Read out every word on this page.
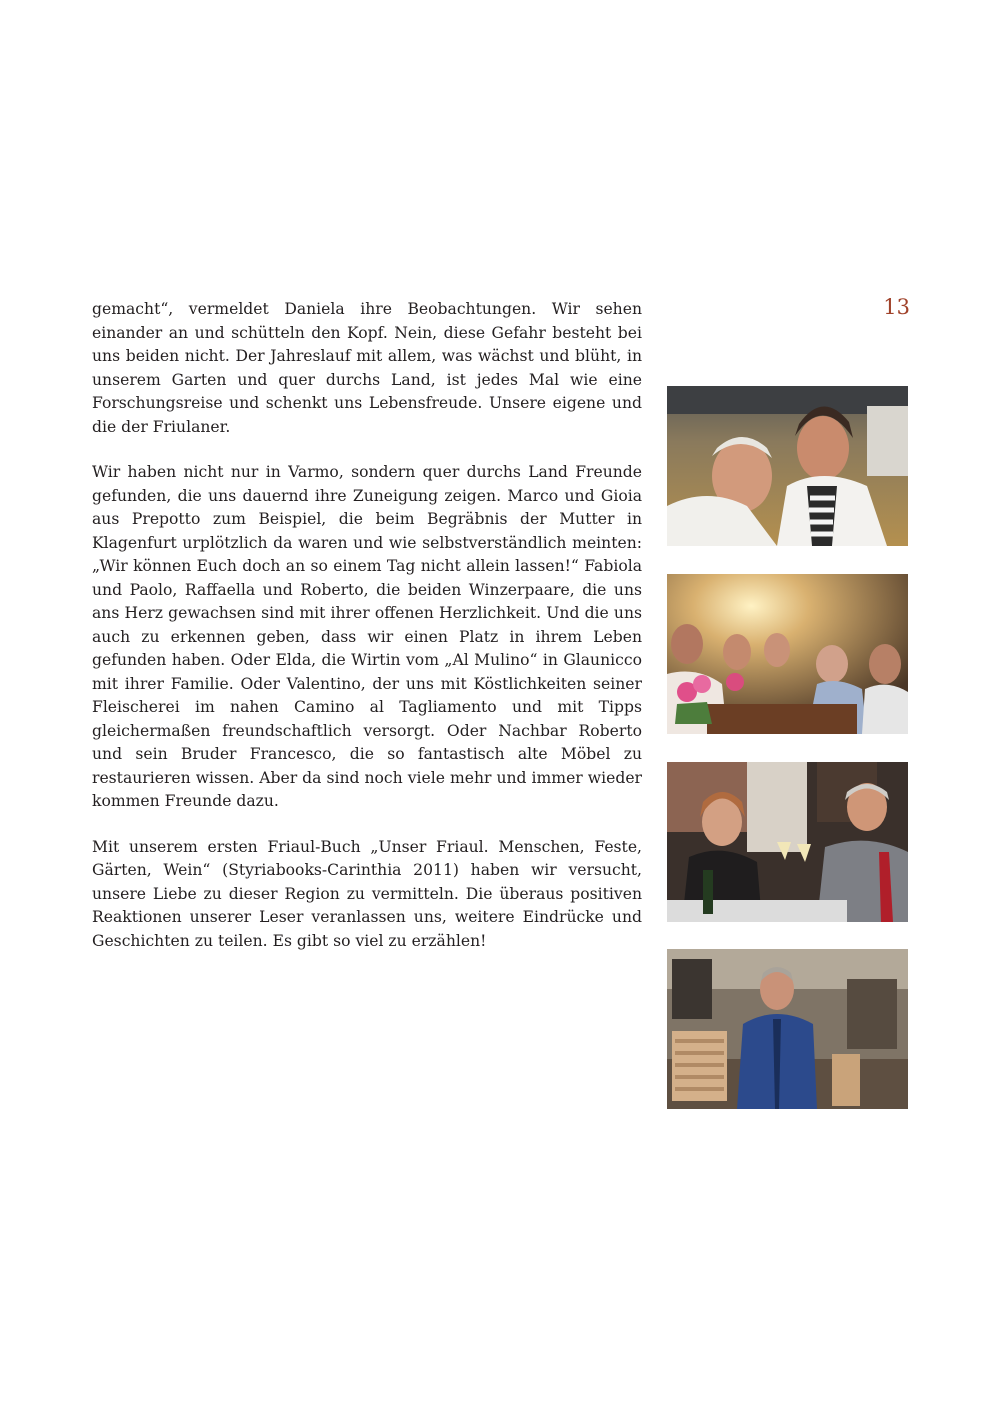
13

gemacht“, vermeldet Daniela ihre Beobachtungen. Wir sehen einander an und schütteln den Kopf. Nein, diese Gefahr besteht bei uns beiden nicht. Der Jahreslauf mit allem, was wächst und blüht, in unserem Garten und quer durchs Land, ist jedes Mal wie eine Forschungsreise und schenkt uns Lebensfreude. Unsere eigene und die der Friulaner.

Wir haben nicht nur in Varmo, sondern quer durchs Land Freunde gefunden, die uns dauernd ihre Zuneigung zeigen. Marco und Gioia aus Prepotto zum Beispiel, die beim Begräbnis der Mutter in Klagenfurt urplötzlich da waren und wie selbstverständlich meinten: „Wir können Euch doch an so einem Tag nicht allein lassen!“ Fabiola und Paolo, Raffaella und Roberto, die beiden Winzerpaare, die uns ans Herz gewachsen sind mit ihrer offenen Herzlichkeit. Und die uns auch zu erkennen geben, dass wir einen Platz in ihrem Leben gefunden haben. Oder Elda, die Wirtin vom „Al Mulino“ in Glaunicco mit ihrer Familie. Oder Valentino, der uns mit Köstlichkeiten seiner Fleischerei im nahen Camino al Tagliamento und mit Tipps gleichermaßen freundschaftlich versorgt. Oder Nachbar Roberto und sein Bruder Francesco, die so fantastisch alte Möbel zu restaurieren wissen. Aber da sind noch viele mehr und immer wieder kommen Freunde dazu.

Mit unserem ersten Friaul-Buch „Unser Friaul. Menschen, Feste, Gärten, Wein“ (Styriabooks-Carinthia 2011) haben wir versucht, unsere Liebe zu dieser Region zu vermitteln. Die überaus positiven Reaktionen unserer Leser veranlassen uns, weitere Eindrücke und Geschichten zu teilen. Es gibt so viel zu erzählen!
